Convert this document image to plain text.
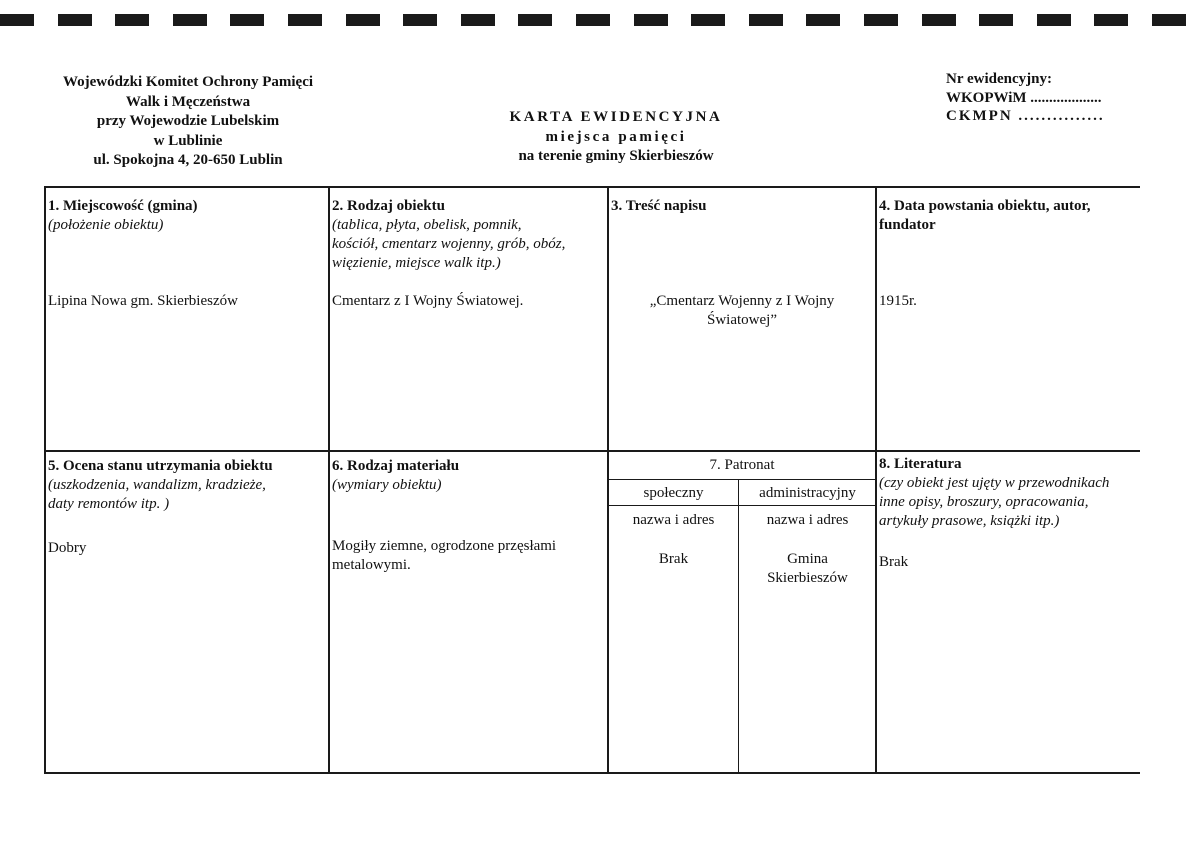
Wojewódzki Komitet Ochrony Pamięci
Walk i Męczeństwa
przy Wojewodzie Lubelskim
w Lublinie
ul. Spokojna 4, 20-650 Lublin
KARTA EWIDENCYJNA
miejsca pamięci
na terenie gminy Skierbieszów
Nr ewidencyjny:
WKOPWiM ...................
CKMPN ...............
1. Miejscowość (gmina)
(położenie obiektu)
Lipina Nowa gm. Skierbieszów
2. Rodzaj obiektu
(tablica, płyta, obelisk, pomnik,
kościół, cmentarz wojenny, grób, obóz,
więzienie, miejsce walk itp.)
Cmentarz z I Wojny Światowej.
3. Treść napisu
„Cmentarz Wojenny z I Wojny
Światowej”
4. Data powstania obiektu, autor,
fundator
1915r.
5. Ocena stanu utrzymania obiektu
(uszkodzenia, wandalizm, kradzieże,
daty remontów itp. )
Dobry
6. Rodzaj materiału
(wymiary obiektu)
Mogiły ziemne, ogrodzone przęsłami
metalowymi.
7. Patronat
społeczny	administracyjny
nazwa i adres	nazwa i adres
Brak	Gmina
Skierbieszów
8. Literatura
(czy obiekt jest ujęty w przewodnikach
inne opisy, broszury, opracowania,
artykuły prasowe, książki itp.)
Brak
